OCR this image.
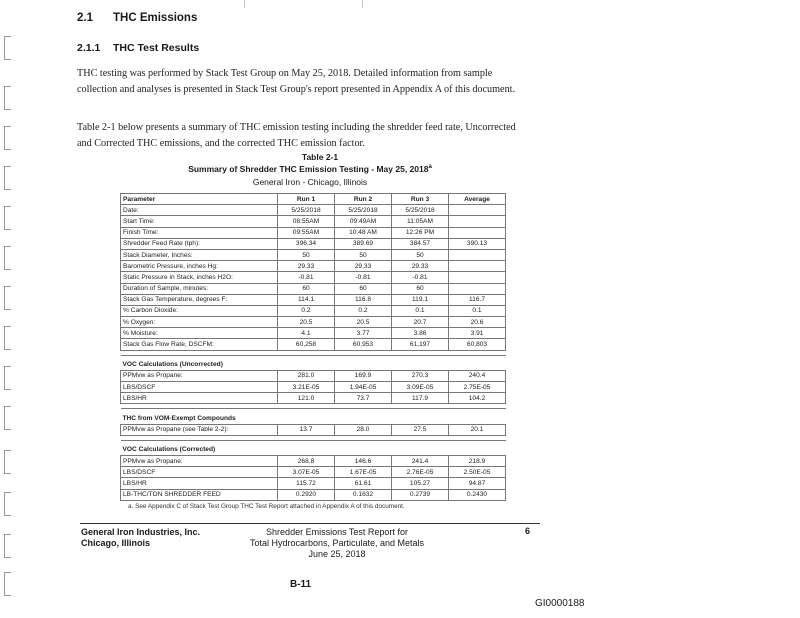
2.1 THC Emissions
2.1.1 THC Test Results
THC testing was performed by Stack Test Group on May 25, 2018. Detailed information from sample collection and analyses is presented in Stack Test Group's report presented in Appendix A of this document.
Table 2-1 below presents a summary of THC emission testing including the shredder feed rate, Uncorrected and Corrected THC emissions, and the corrected THC emission factor.
Table 2-1
Summary of Shredder THC Emission Testing - May 25, 2018$^a$
General Iron - Chicago, Illinois
Parameter	Run 1	Run 2	Run 3	Average
Date:	5/25/2018	5/25/2018	5/25/2018	
Start Time:	08:55AM	09:49AM	11:05AM	
Finish Time:	09:55AM	10:48 AM	12:26 PM	
Shredder Feed Rate (tph):	396.34	389.69	384.57	390.13
Stack Diameter, Inches:	50	50	50	
Barometric Pressure, inches Hg:	29.33	29.33	29.33	
Static Pressure in Stack, inches H2O:	-0.81	-0.81	-0.81	
Duration of Sample, minutes:	60	60	60	
Stack Gas Temperature, degrees F:	114.1	116.8	119.1	116.7
% Carbon Dioxide:	0.2	0.2	0.1	0.1
% Oxygen:	20.5	20.5	20.7	20.6
% Moisture:	4.1	3.77	3.86	3.91
Stack Gas Flow Rate, DSCFM:	60,258	60,953	61,197	60,803

VOC Calculations (Uncorrected)				
PPMvw as Propane:	281.0	169.9	270.3	240.4
LBS/DSCF	3.21E-05	1.94E-05	3.09E-05	2.75E-05
LBS/HR	121.0	73.7	117.9	104.2

THC from VOM-Exempt Compounds				
PPMvw as Propane (see Table 2-2):	13.7	28.0	27.5	20.1

VOC Calculations (Corrected)				
PPMvw as Propane:	268.8	146.6	241.4	218.9
LBS/DSCF	3.07E-05	1.67E-05	2.76E-05	2.50E-05
LBS/HR	115.72	61.61	105.27	94.87
LB-THC/TON SHREDDER FEED	0.2920	0.1632	0.2739	0.2430
a. See Appendix C of Stack Test Group THC Test Report attached in Appendix A of this document.
General Iron Industries, Inc.
Chicago, Illinois
Shredder Emissions Test Report for
Total Hydrocarbons, Particulate, and Metals
June 25, 2018
6
B-11
GI0000188
